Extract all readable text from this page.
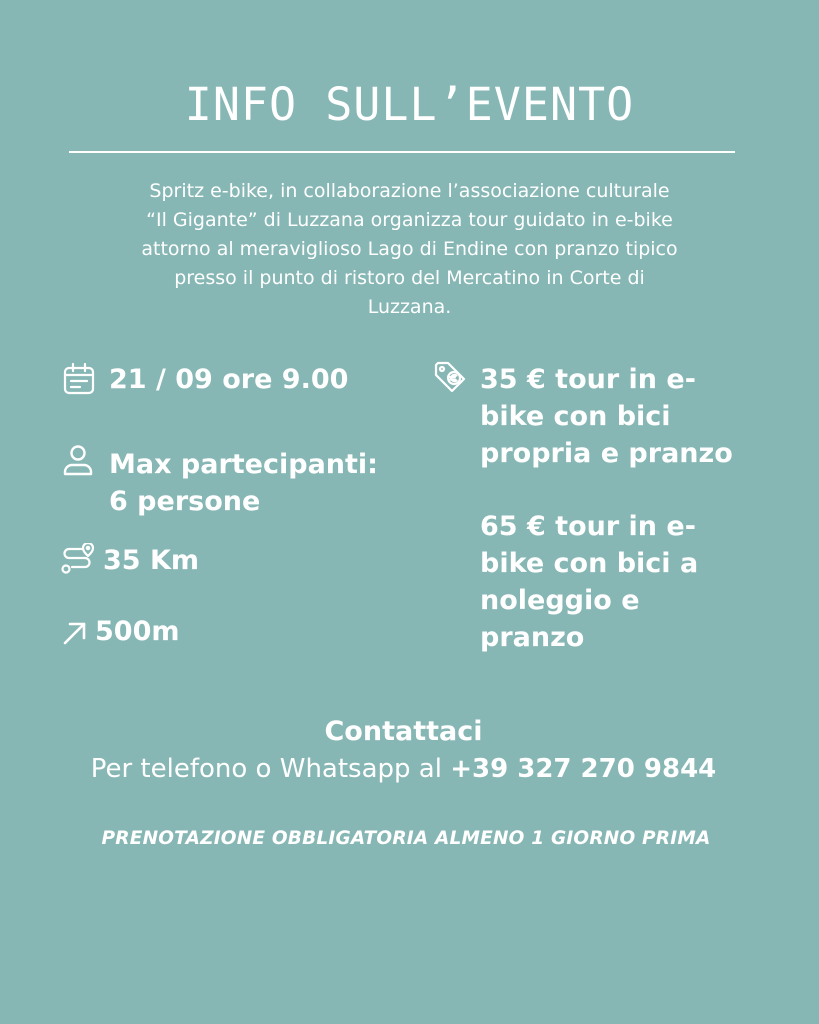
INFO SULL’EVENTO
Spritz e-bike, in collaborazione l’associazione culturale
“Il Gigante” di Luzzana organizza tour guidato in e-bike
attorno al meraviglioso Lago di Endine con pranzo tipico
presso il punto di ristoro del Mercatino in Corte di
Luzzana.
21 / 09 ore 9.00
Max partecipanti:
6 persone
35 Km
500m
35 € tour in e-
bike con bici
propria e pranzo
65 € tour in e-
bike con bici a
noleggio e
pranzo
Contattaci
Per telefono o Whatsapp al +39 327 270 9844
PRENOTAZIONE OBBLIGATORIA ALMENO 1 GIORNO PRIMA
